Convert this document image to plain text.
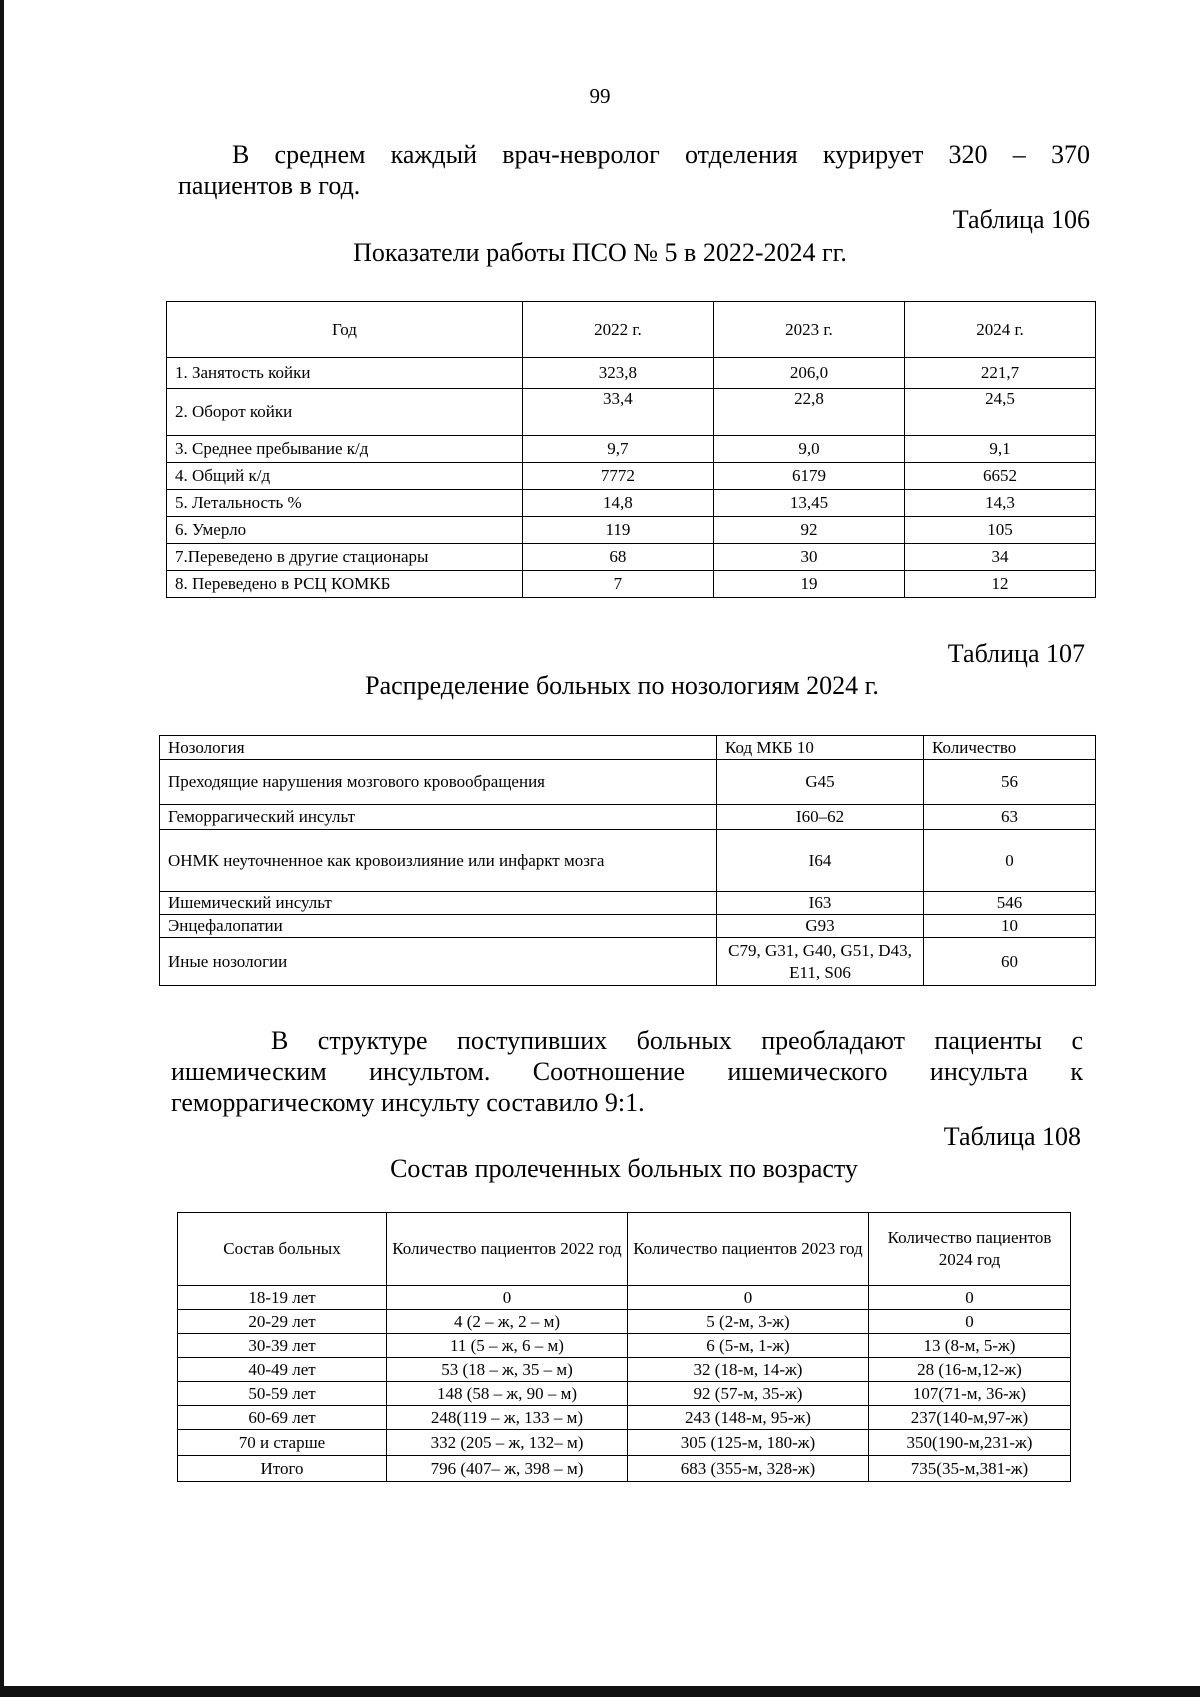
99
В среднем каждый врач-невролог отделения курирует 320 – 370
пациентов в год.
Таблица 106
Показатели работы ПСО № 5 в 2022-2024 гг.
Год	2022 г.	2023 г.	2024 г.
1. Занятость койки	323,8	206,0	221,7
2. Оборот койки	33,4	22,8	24,5
3. Среднее пребывание к/д	9,7	9,0	9,1
4. Общий к/д	7772	6179	6652
5. Летальность %	14,8	13,45	14,3
6. Умерло	119	92	105
7.Переведено в другие стационары	68	30	34
8. Переведено в РСЦ КОМКБ	7	19	12
Таблица 107
Распределение больных по нозологиям 2024 г.
Нозология	Код МКБ 10	Количество
Преходящие нарушения мозгового кровообращения	G45	56
Геморрагический инсульт	I60–62	63
ОНМК неуточненное как кровоизлияние или инфаркт мозга	I64	0
Ишемический инсульт	I63	546
Энцефалопатии	G93	10
Иные нозологии	C79, G31, G40, G51, D43, E11, S06	60
В структуре поступивших больных преобладают пациенты с
ишемическим инсультом. Соотношение ишемического инсульта к
геморрагическому инсульту составило 9:1.
Таблица 108
Состав пролеченных больных по возрасту
Состав больных	Количество пациентов 2022 год	Количество пациентов 2023 год	Количество пациентов 2024 год
18-19 лет	0	0	0
20-29 лет	4 (2 – ж, 2 – м)	5 (2-м, 3-ж)	0
30-39 лет	11 (5 – ж, 6 – м)	6 (5-м, 1-ж)	13 (8-м, 5-ж)
40-49 лет	53 (18 – ж, 35 – м)	32 (18-м, 14-ж)	28 (16-м,12-ж)
50-59 лет	148 (58 – ж, 90 – м)	92 (57-м, 35-ж)	107(71-м, 36-ж)
60-69 лет	248(119 – ж, 133 – м)	243 (148-м, 95-ж)	237(140-м,97-ж)
70 и старше	332 (205 – ж, 132– м)	305 (125-м, 180-ж)	350(190-м,231-ж)
Итого	796 (407– ж, 398 – м)	683 (355-м, 328-ж)	735(35-м,381-ж)
